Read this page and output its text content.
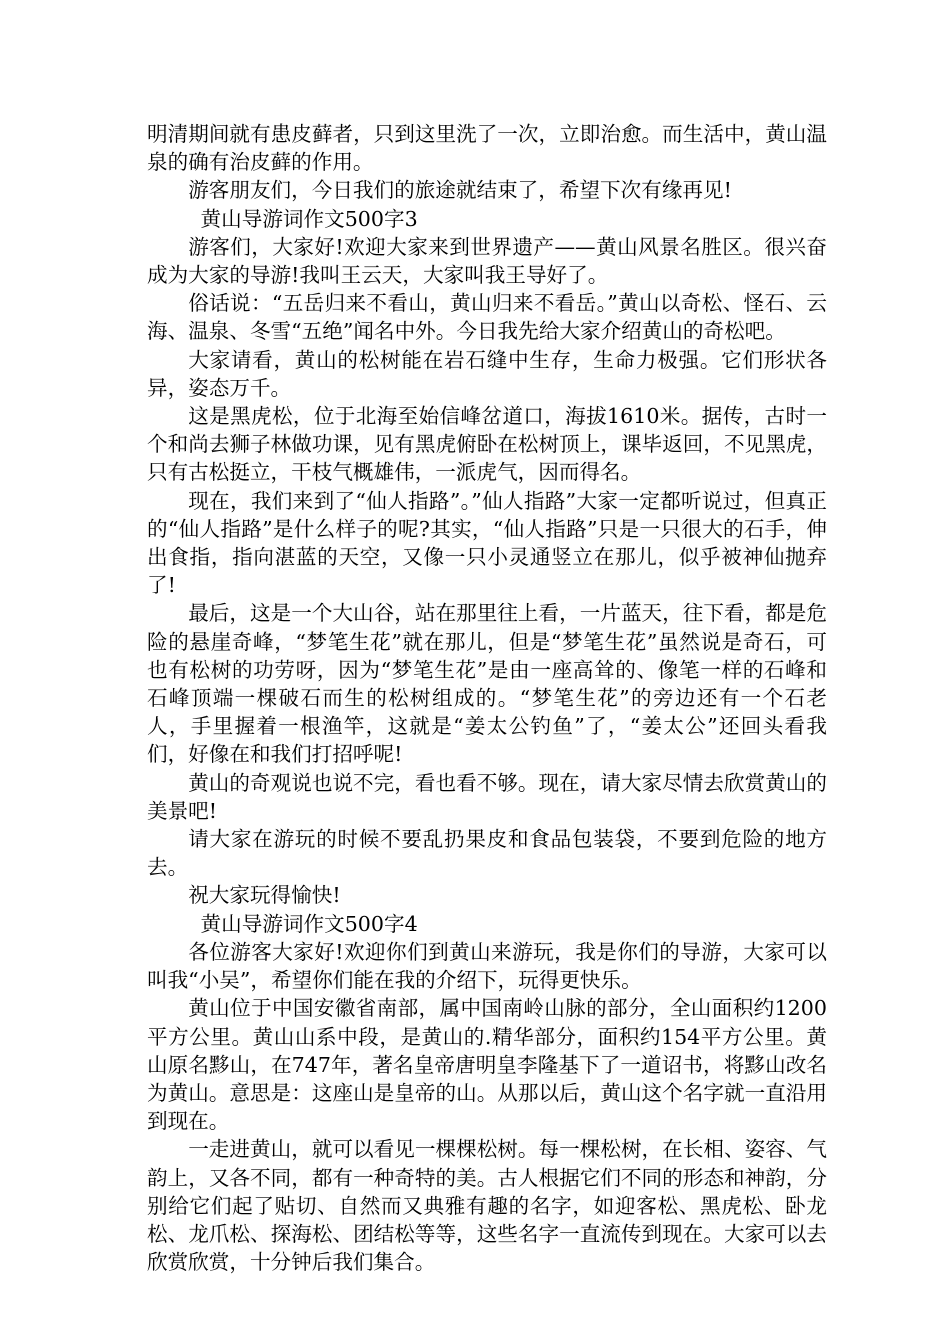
明清期间就有患皮藓者，只到这里洗了一次，立即治愈。而生活中，黄山温泉的确有治皮藓的作用。

游客朋友们，今日我们的旅途就结束了，希望下次有缘再见!

黄山导游词作文500字3

游客们，大家好!欢迎大家来到世界遗产——黄山风景名胜区。很兴奋成为大家的导游!我叫王云天，大家叫我王导好了。

俗话说：“五岳归来不看山，黄山归来不看岳。”黄山以奇松、怪石、云海、温泉、冬雪“五绝”闻名中外。今日我先给大家介绍黄山的奇松吧。

大家请看，黄山的松树能在岩石缝中生存，生命力极强。它们形状各异，姿态万千。

这是黑虎松，位于北海至始信峰岔道口，海拔1610米。据传，古时一个和尚去狮子林做功课，见有黑虎俯卧在松树顶上，课毕返回，不见黑虎，只有古松挺立，干枝气概雄伟，一派虎气，因而得名。

现在，我们来到了“仙人指路”。”仙人指路”大家一定都听说过，但真正的“仙人指路”是什么样子的呢?其实，“仙人指路”只是一只很大的石手，伸出食指，指向湛蓝的天空，又像一只小灵通竖立在那儿，似乎被神仙抛弃了!

最后，这是一个大山谷，站在那里往上看，一片蓝天，往下看，都是危险的悬崖奇峰，“梦笔生花”就在那儿，但是“梦笔生花”虽然说是奇石，可也有松树的功劳呀，因为“梦笔生花”是由一座高耸的、像笔一样的石峰和石峰顶端一棵破石而生的松树组成的。“梦笔生花”的旁边还有一个石老人，手里握着一根渔竿，这就是“姜太公钓鱼”了，“姜太公”还回头看我们，好像在和我们打招呼呢!

黄山的奇观说也说不完，看也看不够。现在，请大家尽情去欣赏黄山的美景吧!

请大家在游玩的时候不要乱扔果皮和食品包装袋，不要到危险的地方去。

祝大家玩得愉快!

黄山导游词作文500字4

各位游客大家好!欢迎你们到黄山来游玩，我是你们的导游，大家可以叫我“小吴”，希望你们能在我的介绍下，玩得更快乐。

黄山位于中国安徽省南部，属中国南岭山脉的部分，全山面积约1200平方公里。黄山山系中段，是黄山的.精华部分，面积约154平方公里。黄山原名黟山，在747年，著名皇帝唐明皇李隆基下了一道诏书，将黟山改名为黄山。意思是：这座山是皇帝的山。从那以后，黄山这个名字就一直沿用到现在。

一走进黄山，就可以看见一棵棵松树。每一棵松树，在长相、姿容、气韵上，又各不同，都有一种奇特的美。古人根据它们不同的形态和神韵，分别给它们起了贴切、自然而又典雅有趣的名字，如迎客松、黑虎松、卧龙松、龙爪松、探海松、团结松等等，这些名字一直流传到现在。大家可以去欣赏欣赏，十分钟后我们集合。
